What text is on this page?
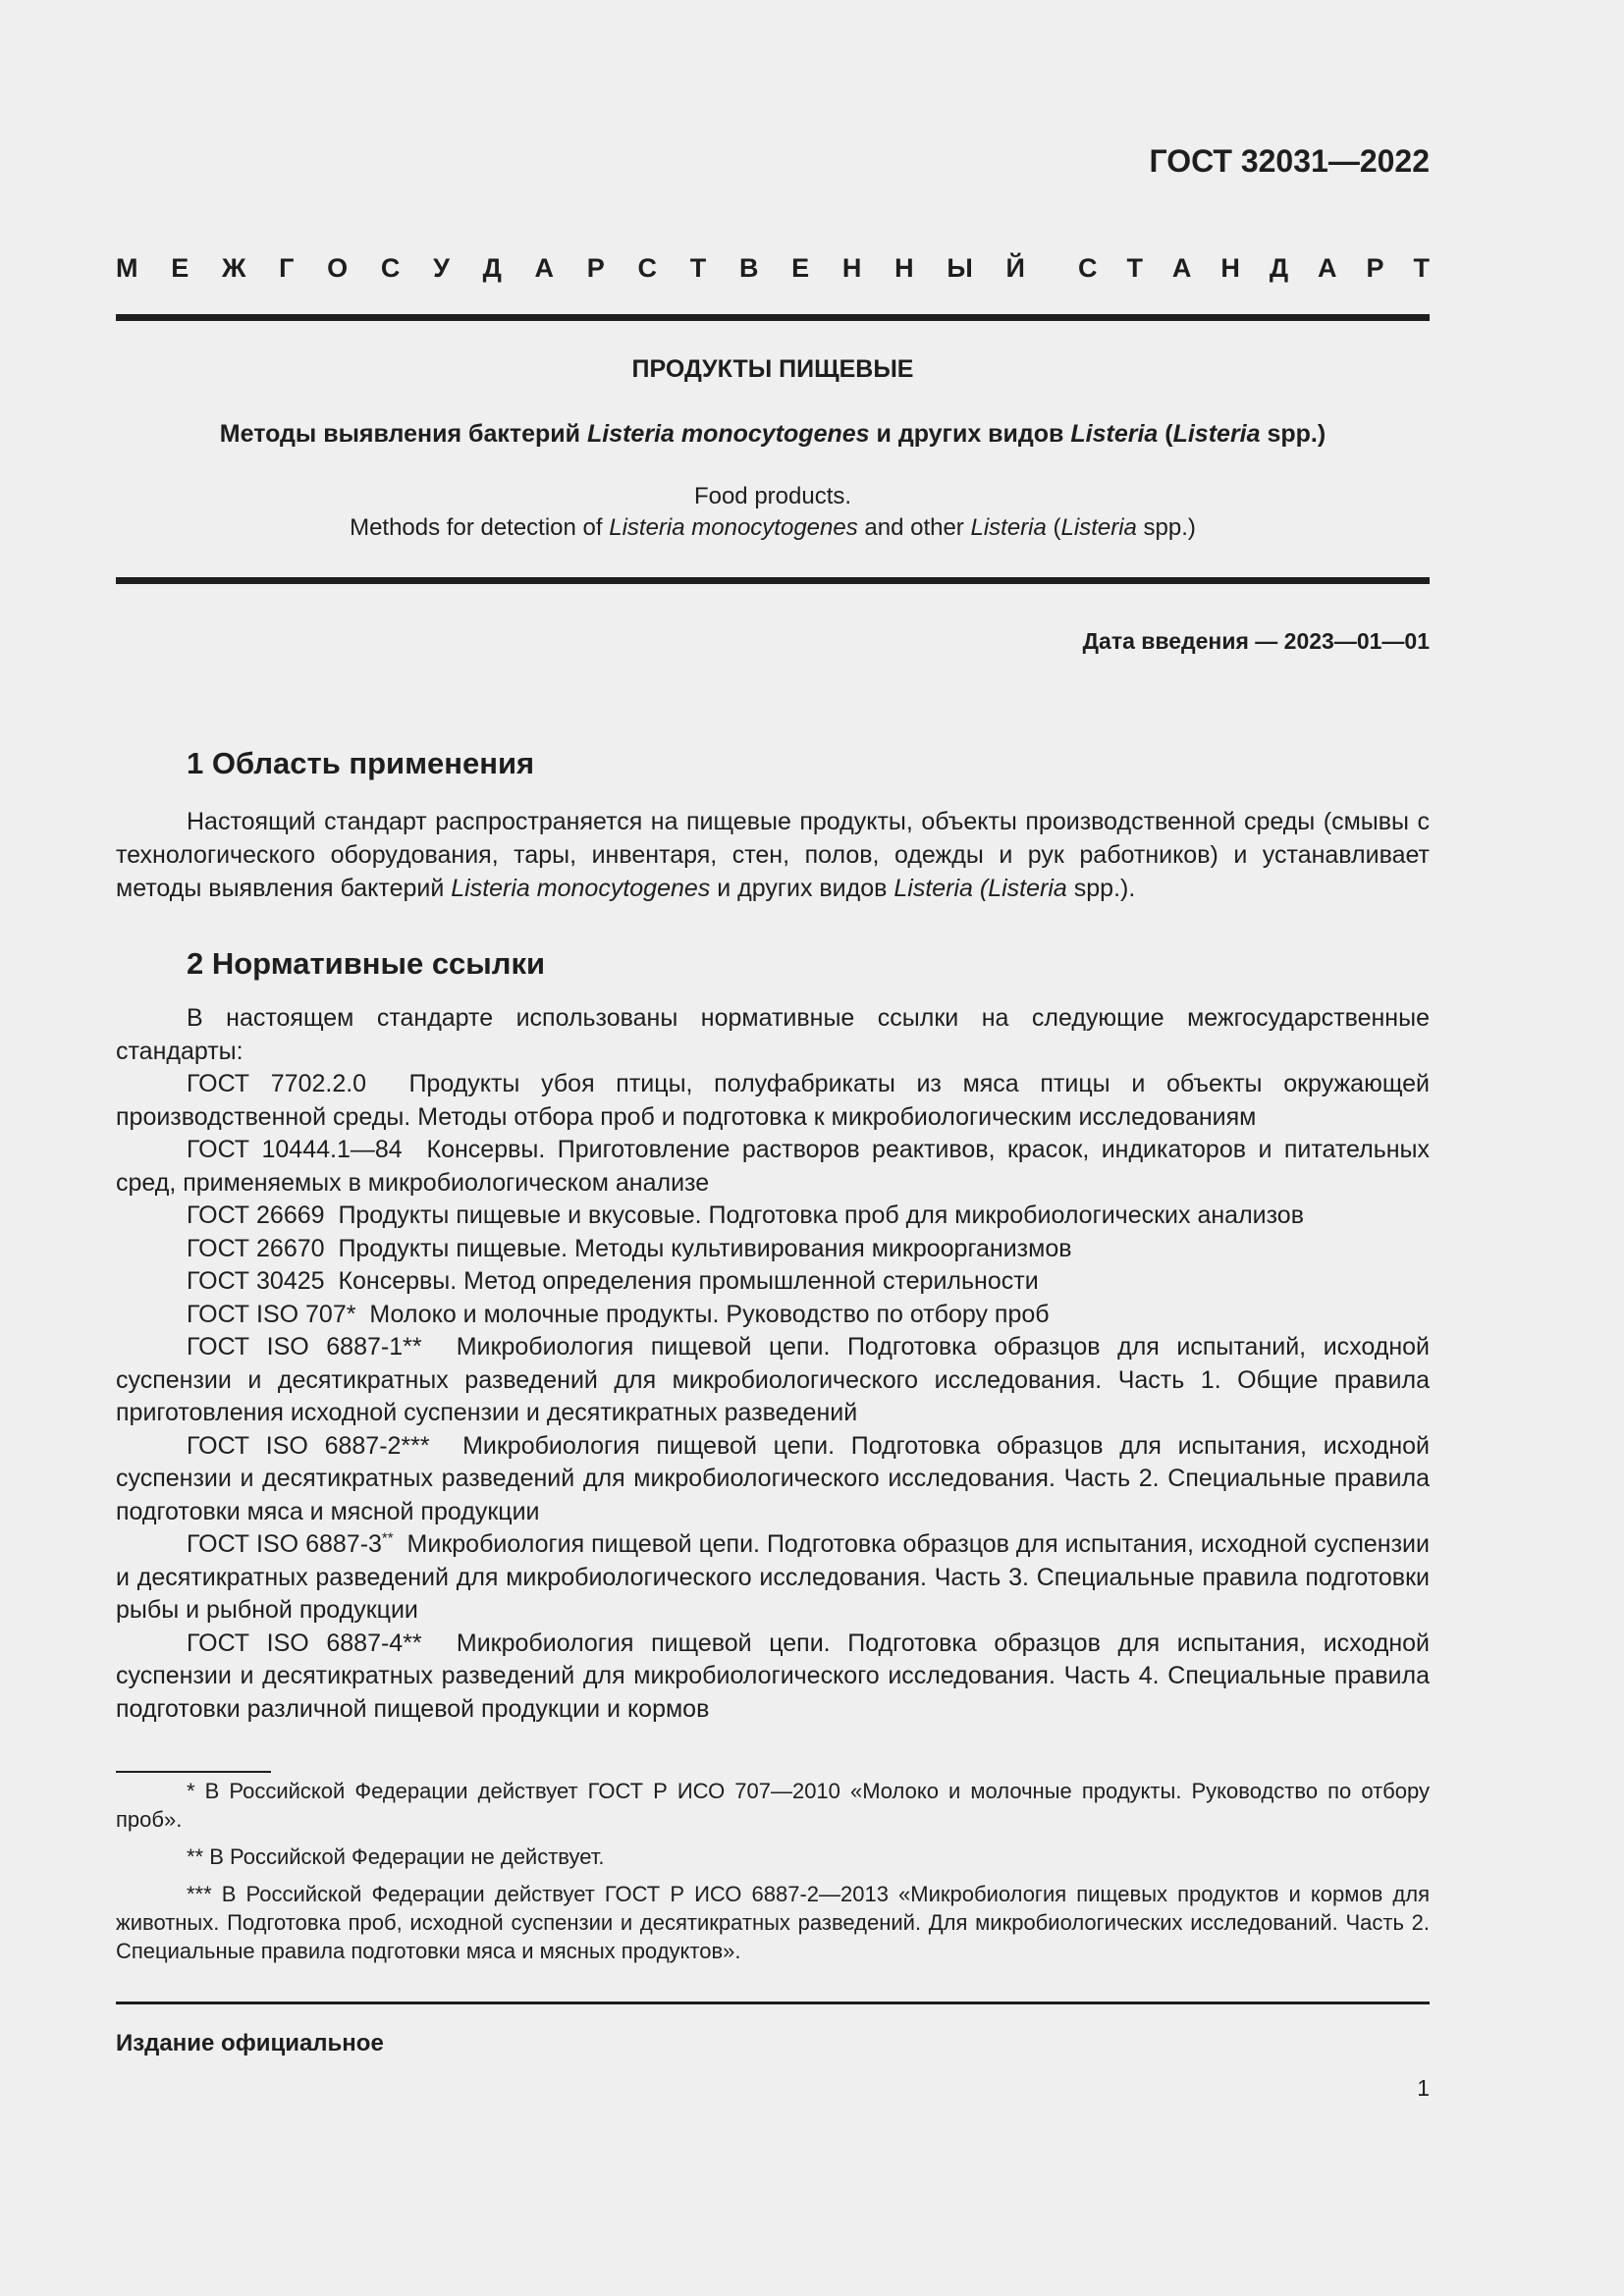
ГОСТ 32031—2022
М Е Ж Г О С У Д А Р С Т В Е Н Н Ы Й С Т А Н Д А Р Т
ПРОДУКТЫ ПИЩЕВЫЕ
Методы выявления бактерий Listeria monocytogenes и других видов Listeria (Listeria spp.)
Food products.
Methods for detection of Listeria monocytogenes and other Listeria (Listeria spp.)
Дата введения — 2023—01—01
1 Область применения
Настоящий стандарт распространяется на пищевые продукты, объекты производственной среды (смывы с технологического оборудования, тары, инвентаря, стен, полов, одежды и рук работников) и устанавливает методы выявления бактерий Listeria monocytogenes и других видов Listeria (Listeria spp.).
2 Нормативные ссылки

В настоящем стандарте использованы нормативные ссылки на следующие межгосударственные стандарты:

ГОСТ 7702.2.0  Продукты убоя птицы, полуфабрикаты из мяса птицы и объекты окружающей производственной среды. Методы отбора проб и подготовка к микробиологическим исследованиям

ГОСТ 10444.1—84  Консервы. Приготовление растворов реактивов, красок, индикаторов и питательных сред, применяемых в микробиологическом анализе

ГОСТ 26669  Продукты пищевые и вкусовые. Подготовка проб для микробиологических анализов

ГОСТ 26670  Продукты пищевые. Методы культивирования микроорганизмов

ГОСТ 30425  Консервы. Метод определения промышленной стерильности

ГОСТ ISO 707*  Молоко и молочные продукты. Руководство по отбору проб

ГОСТ ISO 6887-1**  Микробиология пищевой цепи. Подготовка образцов для испытаний, исходной суспензии и десятикратных разведений для микробиологического исследования. Часть 1. Общие правила приготовления исходной суспензии и десятикратных разведений

ГОСТ ISO 6887-2***  Микробиология пищевой цепи. Подготовка образцов для испытания, исходной суспензии и десятикратных разведений для микробиологического исследования. Часть 2. Специальные правила подготовки мяса и мясной продукции

ГОСТ ISO 6887-3**  Микробиология пищевой цепи. Подготовка образцов для испытания, исходной суспензии и десятикратных разведений для микробиологического исследования. Часть 3. Специальные правила подготовки рыбы и рыбной продукции

ГОСТ ISO 6887-4**  Микробиология пищевой цепи. Подготовка образцов для испытания, исходной суспензии и десятикратных разведений для микробиологического исследования. Часть 4. Специальные правила подготовки различной пищевой продукции и кормов

* В Российской Федерации действует ГОСТ Р ИСО 707—2010 «Молоко и молочные продукты. Руководство по отбору проб».

** В Российской Федерации не действует.

*** В Российской Федерации действует ГОСТ Р ИСО 6887-2—2013 «Микробиология пищевых продуктов и кормов для животных. Подготовка проб, исходной суспензии и десятикратных разведений. Для микробиологических исследований. Часть 2. Специальные правила подготовки мяса и мясных продуктов».

Издание официальное
1
